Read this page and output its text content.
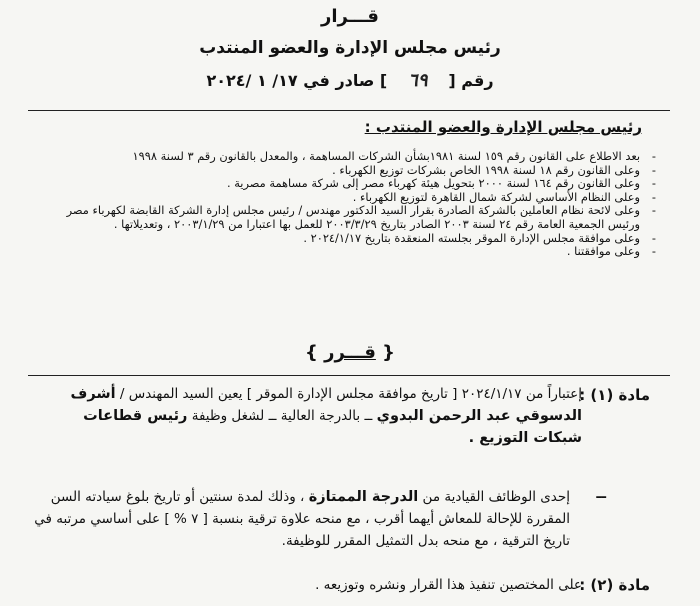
قـــرار
رئيس مجلس الإدارة والعضو المنتدب
رقم [ ٦٩ ] صادر في ١٧/ ١ /٢٠٢٤
رئيس مجلس الإدارة والعضو المنتدب :
- بعد الاطلاع على القانون رقم ١٥٩ لسنة ١٩٨١بشأن الشركات المساهمة ، والمعدل بالقانون رقم ٣ لسنة ١٩٩٨
- وعلى القانون رقم ١٨ لسنة ١٩٩٨ الخاص بشركات توزيع الكهرباء .
- وعلى القانون رقم ١٦٤ لسنة ٢٠٠٠ بتحويل هيئة كهرباء مصر إلى شركة مساهمة مصرية .
- وعلى النظام الأساسي لشركة شمال القاهرة لتوزيع الكهرباء .
- وعلى لائحة نظام العاملين بالشركة الصادرة بقرار السيد الدكتور مهندس / رئيس مجلس إدارة الشركة القابضة لكهرباء مصر ورئيس الجمعية العامة رقم ٢٤ لسنة ٢٠٠٣ الصادر بتاريخ ٢٠٠٣/٣/٢٩ للعمل بها اعتبارا من ٢٠٠٣/١/٢٩ ، وتعديلاتها .
- وعلى موافقة مجلس الإدارة الموقر بجلسته المنعقدة بتاريخ ٢٠٢٤/١/١٧ .
- وعلى موافقتنا .
{ قـــرر }
مادة (١) :
إعتباراً من ٢٠٢٤/١/١٧ [ تاريخ موافقة مجلس الإدارة الموقر ] يعين السيد المهندس / أشرف الدسوقي عبد الرحمن البدوي ــ بالدرجة العالية ــ لشغل وظيفة رئيس قطاعات شبكات التوزيع .
ــ
إحدى الوظائف القيادية من الدرجة الممتازة ، وذلك لمدة سنتين أو تاريخ بلوغ سيادته السن المقررة للإحالة للمعاش أيهما أقرب ، مع منحه علاوة ترقية بنسبة [ ٧ % ] على أساسي مرتبه في تاريخ الترقية ، مع منحه بدل التمثيل المقرر للوظيفة.
مادة (٢) :
على المختصين تنفيذ هذا القرار ونشره وتوزيعه .
